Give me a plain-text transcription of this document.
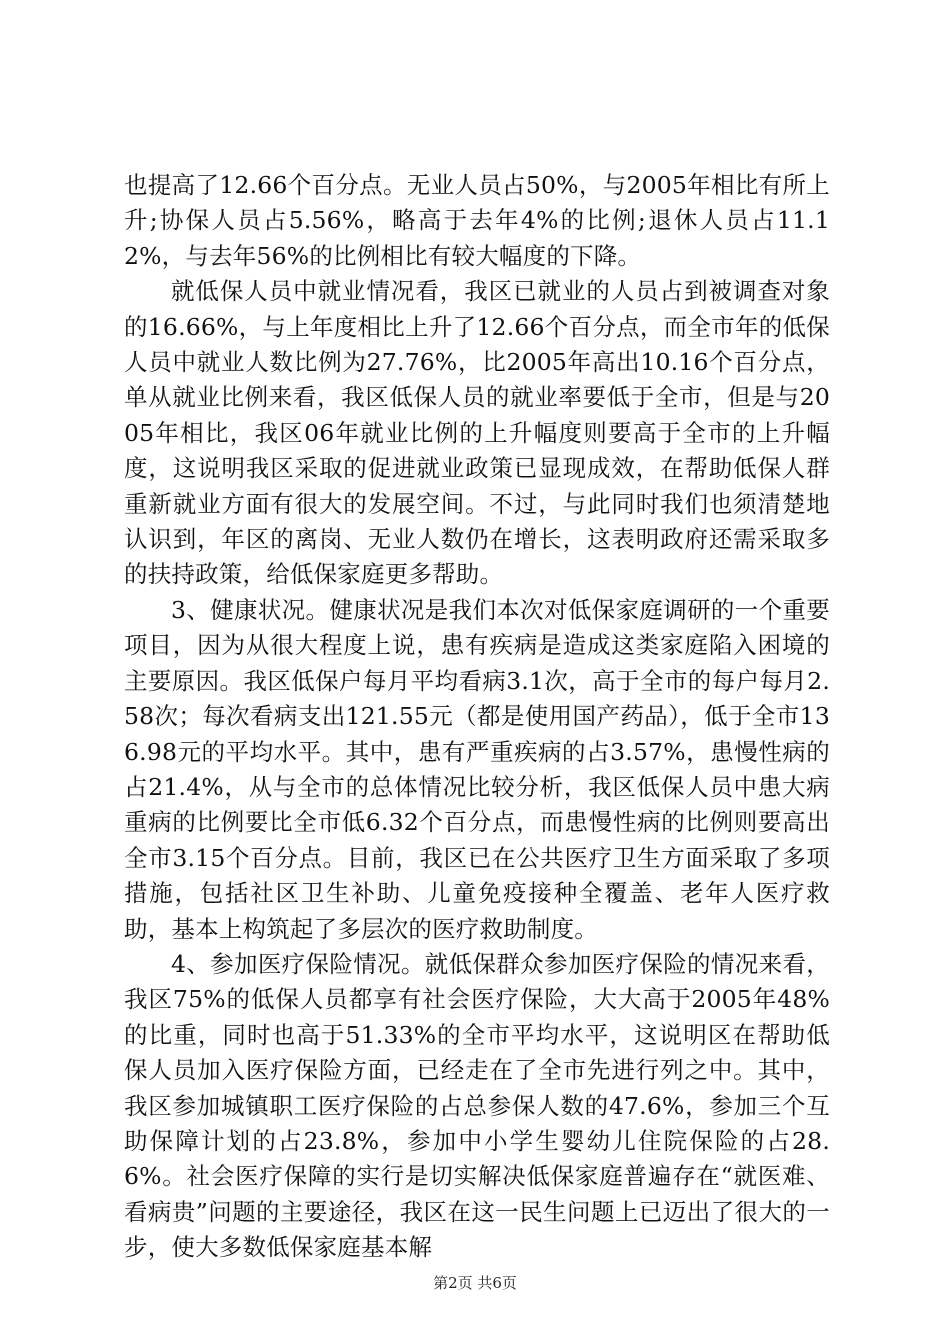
也提高了12.66个百分点。无业人员占50%，与2005年相比有所上升;协保人员占5.56%，略高于去年4%的比例;退休人员占11.12%，与去年56%的比例相比有较大幅度的下降。

就低保人员中就业情况看，我区已就业的人员占到被调查对象的16.66%，与上年度相比上升了12.66个百分点，而全市年的低保人员中就业人数比例为27.76%，比2005年高出10.16个百分点，单从就业比例来看，我区低保人员的就业率要低于全市，但是与2005年相比，我区06年就业比例的上升幅度则要高于全市的上升幅度，这说明我区采取的促进就业政策已显现成效，在帮助低保人群重新就业方面有很大的发展空间。不过，与此同时我们也须清楚地认识到，年区的离岗、无业人数仍在增长，这表明政府还需采取多的扶持政策，给低保家庭更多帮助。

3、健康状况。健康状况是我们本次对低保家庭调研的一个重要项目，因为从很大程度上说，患有疾病是造成这类家庭陷入困境的主要原因。我区低保户每月平均看病3.1次，高于全市的每户每月2.58次；每次看病支出121.55元（都是使用国产药品），低于全市136.98元的平均水平。其中，患有严重疾病的占3.57%，患慢性病的占21.4%，从与全市的总体情况比较分析，我区低保人员中患大病重病的比例要比全市低6.32个百分点，而患慢性病的比例则要高出全市3.15个百分点。目前，我区已在公共医疗卫生方面采取了多项措施，包括社区卫生补助、儿童免疫接种全覆盖、老年人医疗救助，基本上构筑起了多层次的医疗救助制度。

4、参加医疗保险情况。就低保群众参加医疗保险的情况来看，我区75%的低保人员都享有社会医疗保险，大大高于2005年48%的比重，同时也高于51.33%的全市平均水平，这说明区在帮助低保人员加入医疗保险方面，已经走在了全市先进行列之中。其中，我区参加城镇职工医疗保险的占总参保人数的47.6%，参加三个互助保障计划的占23.8%，参加中小学生婴幼儿住院保险的占28.6%。社会医疗保障的实行是切实解决低保家庭普遍存在“就医难、看病贵”问题的主要途径，我区在这一民生问题上已迈出了很大的一步，使大多数低保家庭基本解

第2页 共6页
